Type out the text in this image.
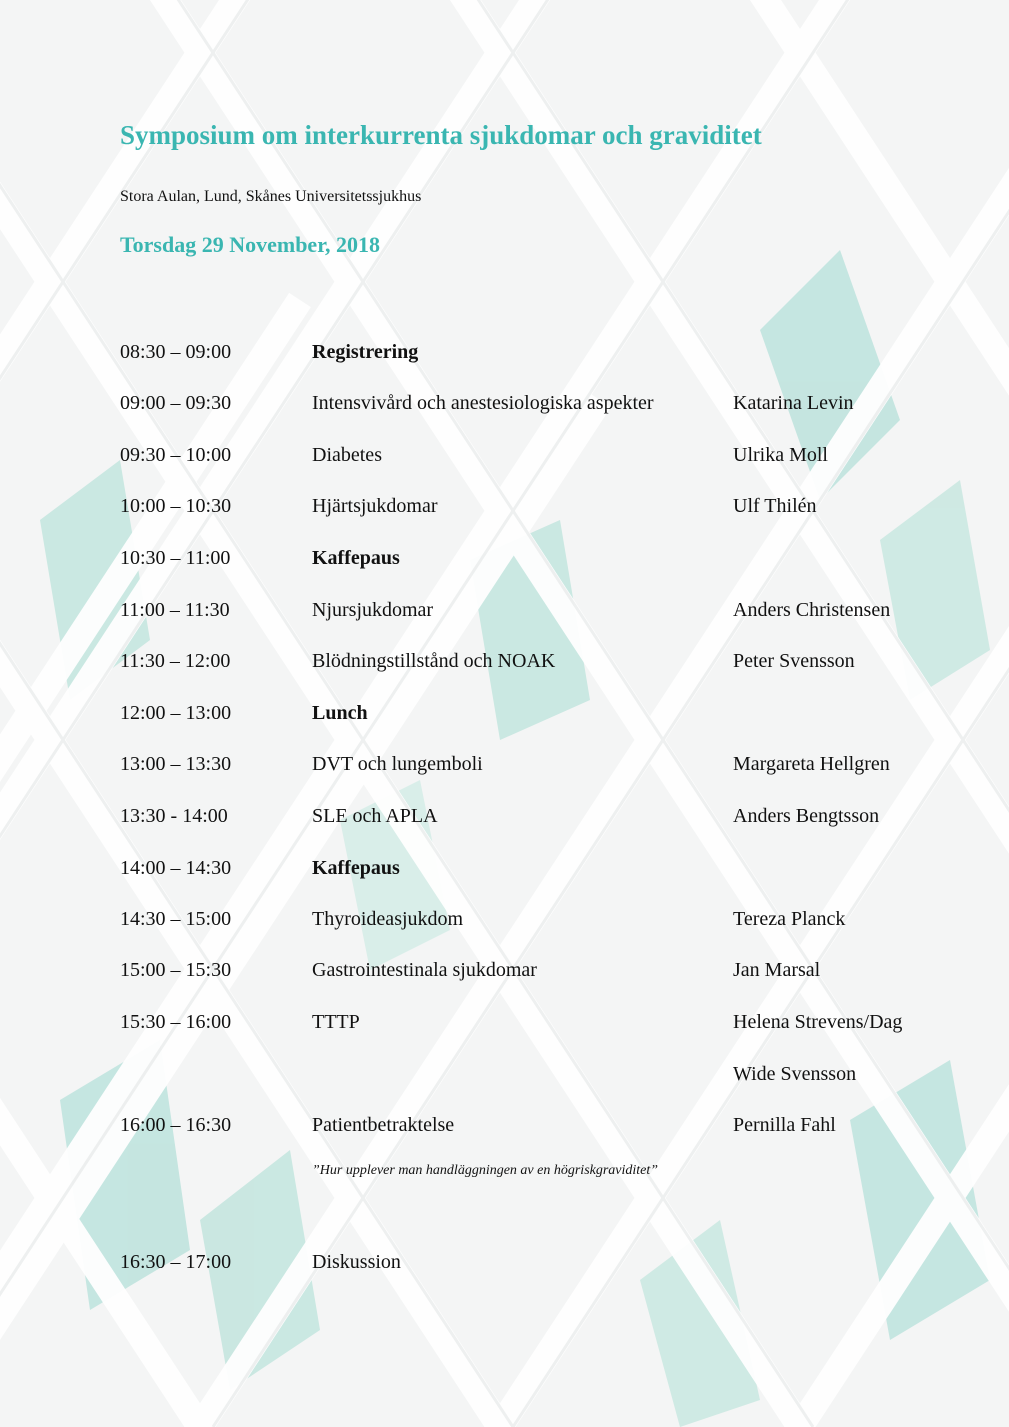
Symposium om interkurrenta sjukdomar och graviditet
Stora Aulan, Lund, Skånes Universitetssjukhus
Torsdag 29 November, 2018
08:30 – 09:00	Registrering
09:00 – 09:30	Intensvivård och anestesiologiska aspekter	Katarina Levin
09:30 – 10:00	Diabetes	Ulrika Moll
10:00 – 10:30	Hjärtsjukdomar	Ulf Thilén
10:30 – 11:00	Kaffepaus
11:00 – 11:30	Njursjukdomar	Anders Christensen
11:30 – 12:00	Blödningstillstånd och NOAK	Peter Svensson
12:00 – 13:00	Lunch
13:00 – 13:30	DVT och lungemboli	Margareta Hellgren
13:30 - 14:00	SLE och APLA	Anders Bengtsson
14:00 – 14:30	Kaffepaus
14:30 – 15:00	Thyroideasjukdom	Tereza Planck
15:00 – 15:30	Gastrointestinala sjukdomar	Jan Marsal
15:30 – 16:00	TTTP	Helena Strevens/Dag
Wide Svensson
16:00 – 16:30	Patientbetraktelse	Pernilla Fahl
”Hur upplever man handläggningen av en högriskgraviditet”
16:30 – 17:00	Diskussion
